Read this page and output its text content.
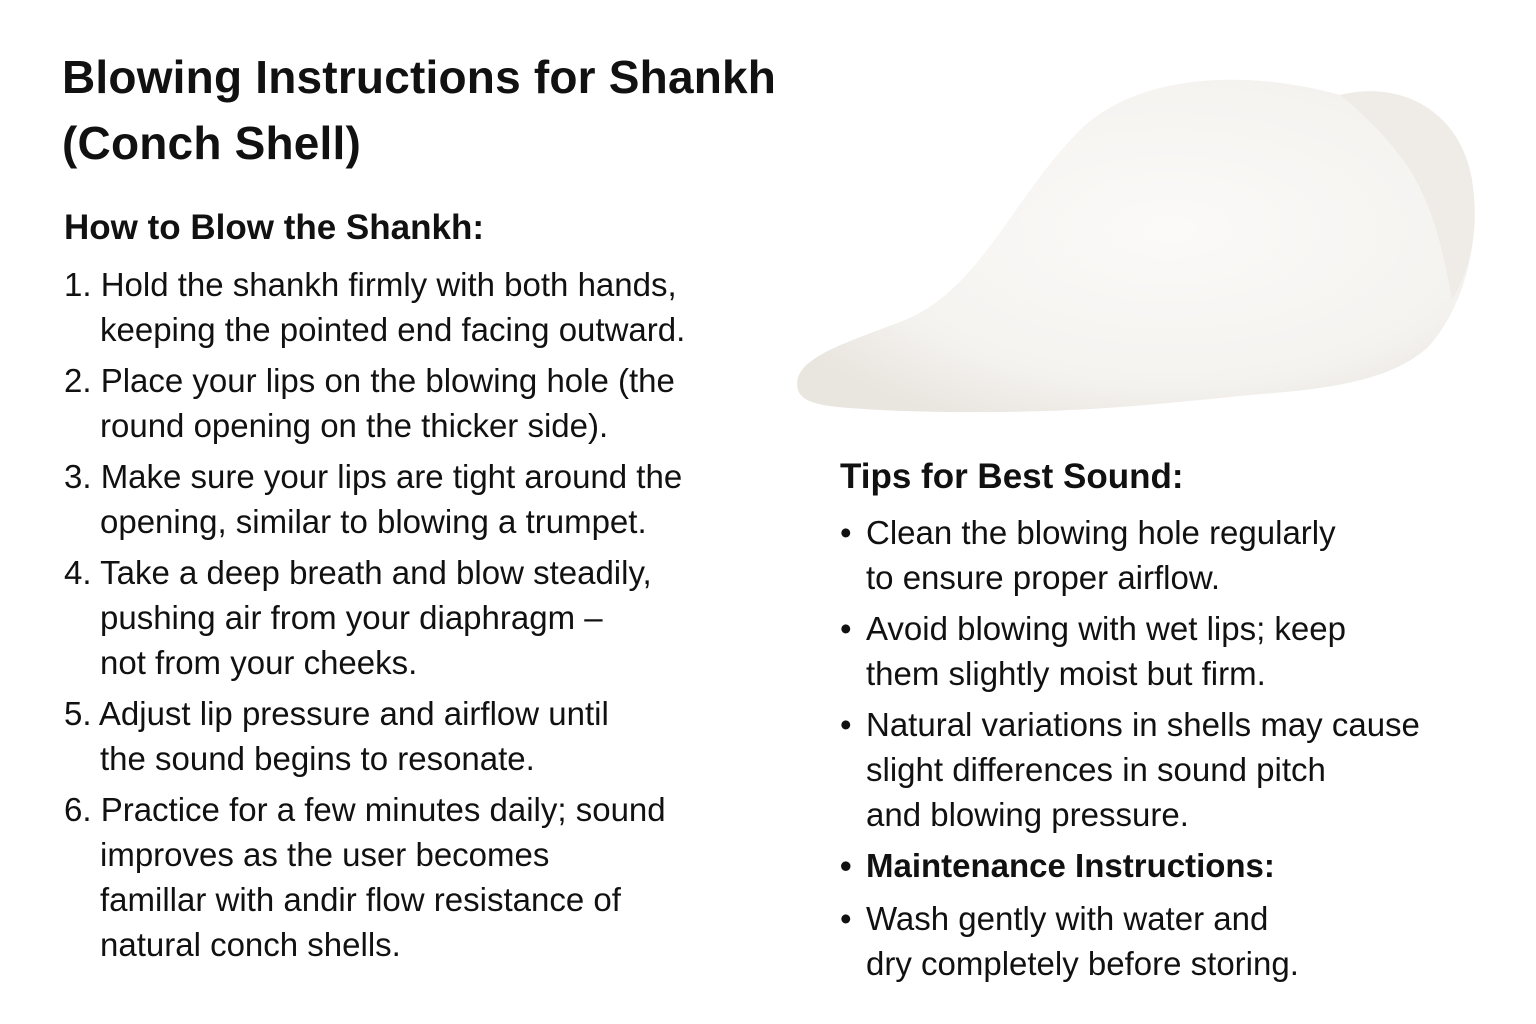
Blowing Instructions for Shankh
(Conch Shell)
How to Blow the Shankh:
1. Hold the shankh firmly with both hands,
keeping the pointed end facing outward.
2. Place your lips on the blowing hole (the
round opening on the thicker side).
3. Make sure your lips are tight around the
opening, similar to blowing a trumpet.
4. Take a deep breath and blow steadily,
pushing air from your diaphragm –
not from your cheeks.
5. Adjust lip pressure and airflow until
the sound begins to resonate.
6. Practice for a few minutes daily; sound
improves as the user becomes
famillar with andir flow resistance of
natural conch shells.
Tips for Best Sound:
• Clean the blowing hole regularly
to ensure proper airflow.
• Avoid blowing with wet lips; keep
them slightly moist but firm.
• Natural variations in shells may cause
slight differences in sound pitch
and blowing pressure.
• Maintenance Instructions:
• Wash gently with water and
dry completely before storing.
